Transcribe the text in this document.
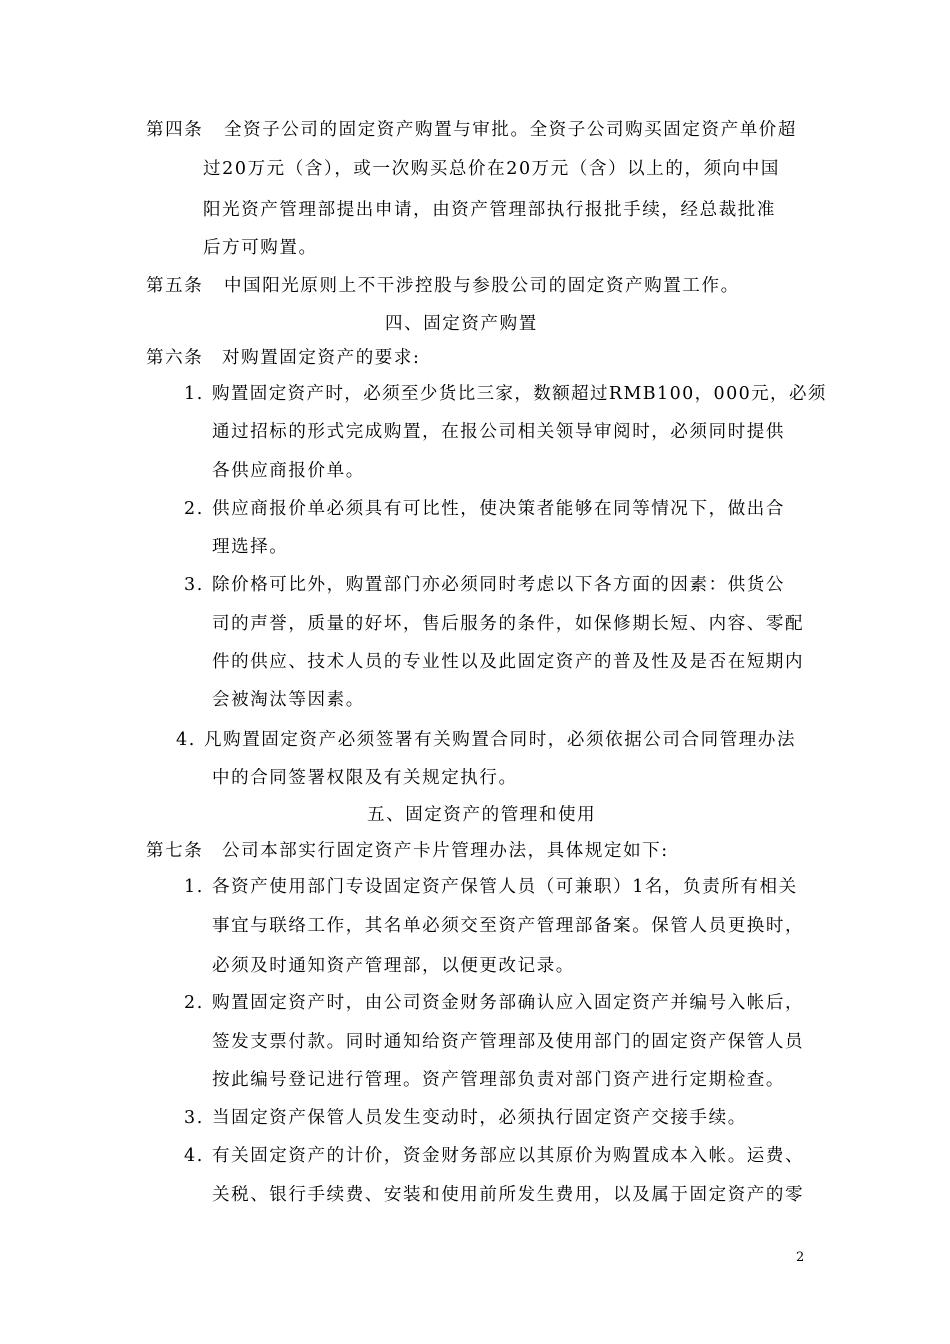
第四条 全资子公司的固定资产购置与审批。全资子公司购买固定资产单价超
过20万元（含），或一次购买总价在20万元（含）以上的，须向中国
阳光资产管理部提出申请，由资产管理部执行报批手续，经总裁批准
后方可购置。
第五条 中国阳光原则上不干涉控股与参股公司的固定资产购置工作。
四、固定资产购置
第六条 对购置固定资产的要求:
1. 购置固定资产时，必须至少货比三家，数额超过RMB100，000元，必须
通过招标的形式完成购置，在报公司相关领导审阅时，必须同时提供
各供应商报价单。
2. 供应商报价单必须具有可比性，使决策者能够在同等情况下，做出合
理选择。
3. 除价格可比外，购置部门亦必须同时考虑以下各方面的因素：供货公
司的声誉，质量的好坏，售后服务的条件，如保修期长短、内容、零配
件的供应、技术人员的专业性以及此固定资产的普及性及是否在短期内
会被淘汰等因素。
4. 凡购置固定资产必须签署有关购置合同时，必须依据公司合同管理办法
中的合同签署权限及有关规定执行。
五、固定资产的管理和使用
第七条 公司本部实行固定资产卡片管理办法，具体规定如下:
1. 各资产使用部门专设固定资产保管人员（可兼职）1名，负责所有相关
事宜与联络工作，其名单必须交至资产管理部备案。保管人员更换时，
必须及时通知资产管理部，以便更改记录。
2. 购置固定资产时，由公司资金财务部确认应入固定资产并编号入帐后，
签发支票付款。同时通知给资产管理部及使用部门的固定资产保管人员
按此编号登记进行管理。资产管理部负责对部门资产进行定期检查。
3. 当固定资产保管人员发生变动时，必须执行固定资产交接手续。
4. 有关固定资产的计价，资金财务部应以其原价为购置成本入帐。运费、
关税、银行手续费、安装和使用前所发生费用，以及属于固定资产的零
2
